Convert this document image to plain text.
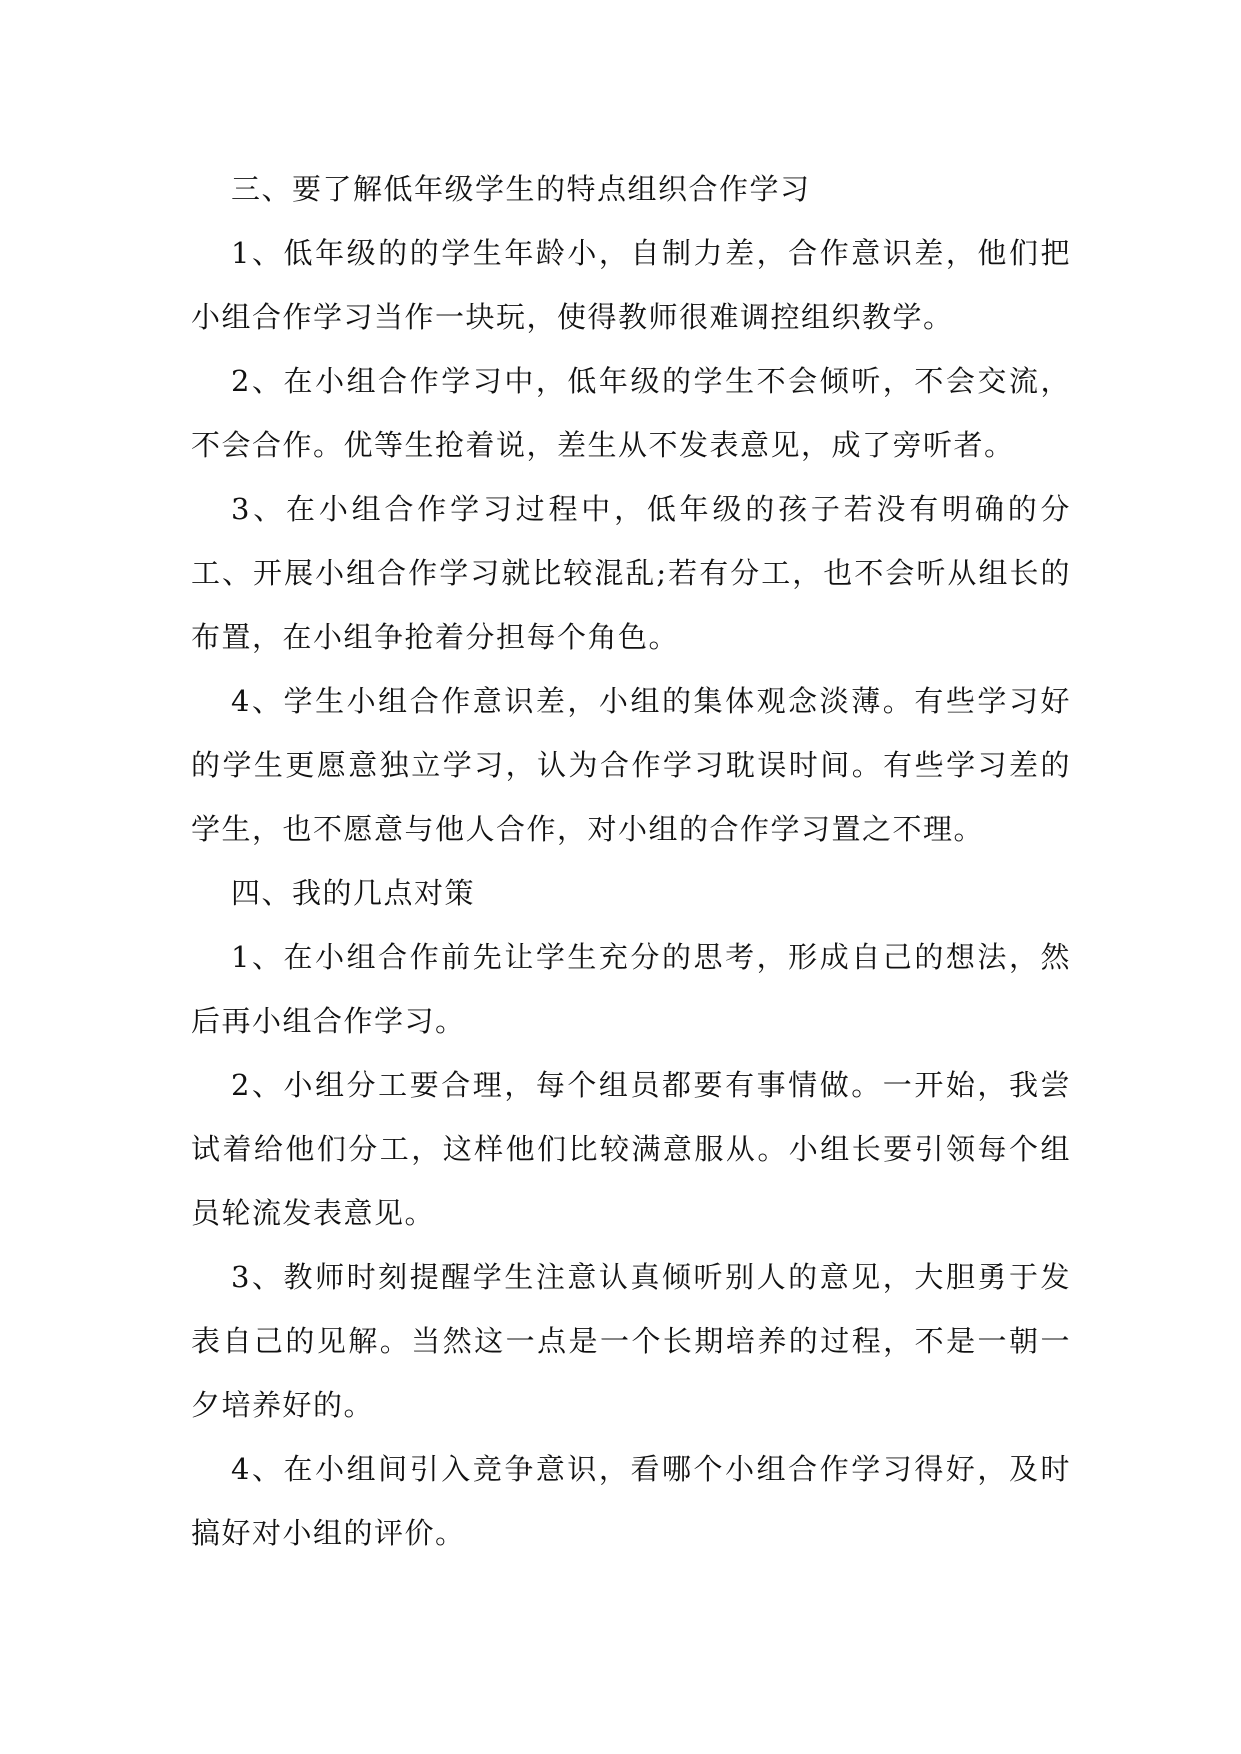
三、要了解低年级学生的特点组织合作学习

1、低年级的的学生年龄小，自制力差，合作意识差，他们把小组合作学习当作一块玩，使得教师很难调控组织教学。

2、在小组合作学习中，低年级的学生不会倾听，不会交流，不会合作。优等生抢着说，差生从不发表意见，成了旁听者。

3、在小组合作学习过程中，低年级的孩子若没有明确的分工、开展小组合作学习就比较混乱;若有分工，也不会听从组长的布置，在小组争抢着分担每个角色。

4、学生小组合作意识差，小组的集体观念淡薄。有些学习好的学生更愿意独立学习，认为合作学习耽误时间。有些学习差的学生，也不愿意与他人合作，对小组的合作学习置之不理。

四、我的几点对策

1、在小组合作前先让学生充分的思考，形成自己的想法，然后再小组合作学习。

2、小组分工要合理，每个组员都要有事情做。一开始，我尝试着给他们分工，这样他们比较满意服从。小组长要引领每个组员轮流发表意见。

3、教师时刻提醒学生注意认真倾听别人的意见，大胆勇于发表自己的见解。当然这一点是一个长期培养的过程，不是一朝一夕培养好的。

4、在小组间引入竞争意识，看哪个小组合作学习得好，及时搞好对小组的评价。
